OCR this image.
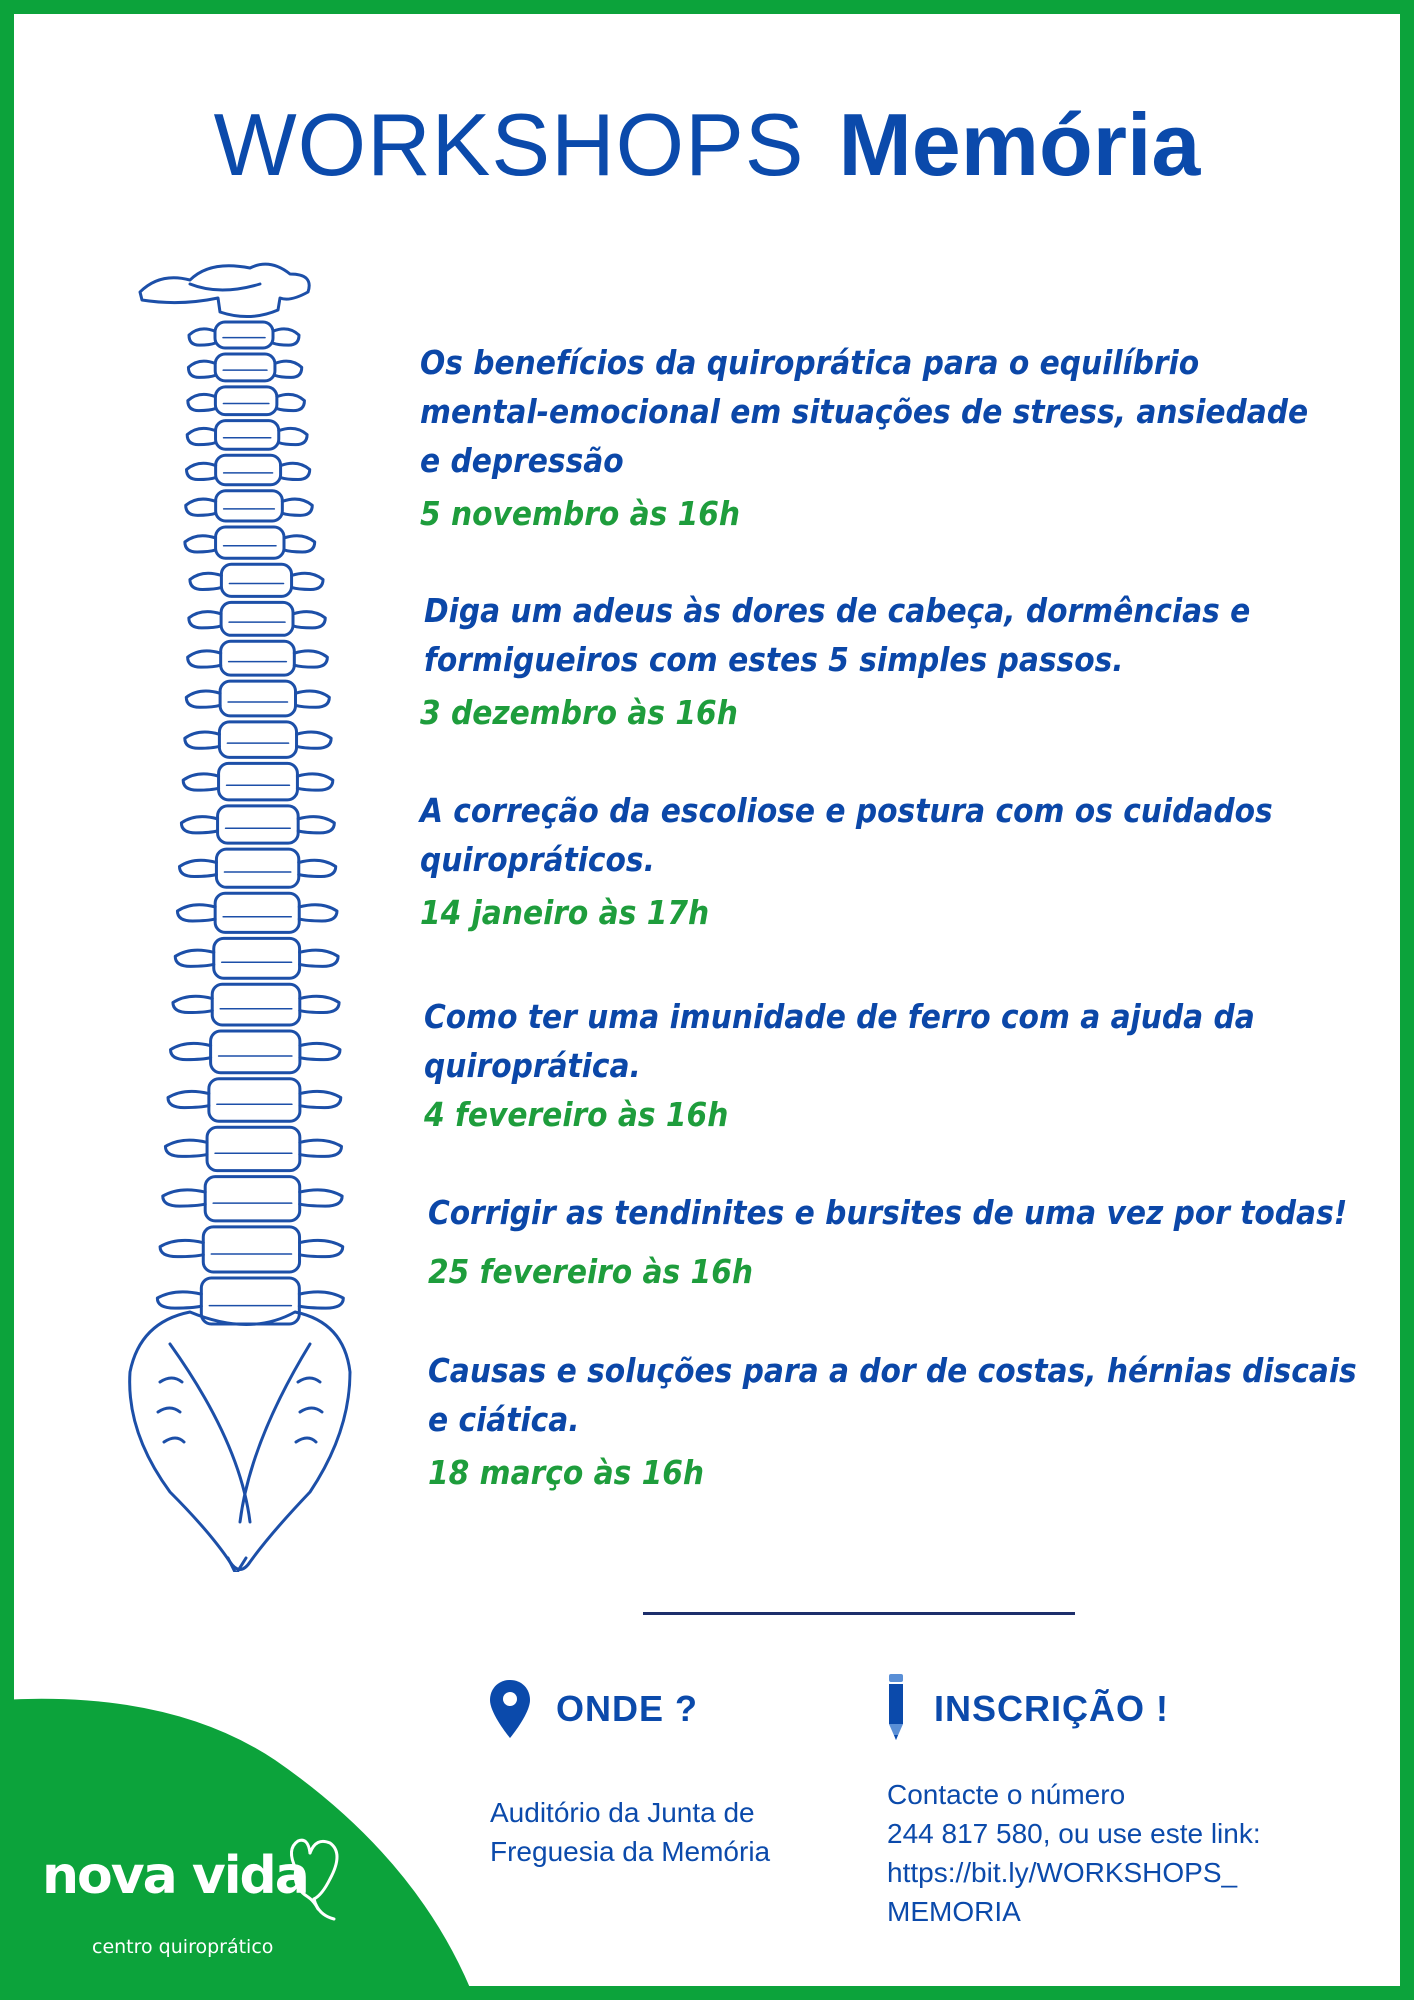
WORKSHOPS Memória
Os benefícios da quiroprática para o equilíbrio
mental-emocional em situações de stress, ansiedade
e depressão
5 novembro às 16h
Diga um adeus às dores de cabeça, dormências e
formigueiros com estes 5 simples passos.
3 dezembro às 16h
A correção da escoliose e postura com os cuidados
quiropráticos.
14 janeiro às 17h
Como ter uma imunidade de ferro com a ajuda da
quiroprática.
4 fevereiro às 16h
Corrigir as tendinites e bursites de uma vez por todas!
25 fevereiro às 16h
Causas e soluções para a dor de costas, hérnias discais
e ciática.
18 março às 16h
nova vida
centro quiroprático
ONDE ?
Auditório da Junta de
Freguesia da Memória
INSCRIÇÃO !
Contacte o número
244 817 580, ou use este link:
https://bit.ly/WORKSHOPS_
MEMORIA
